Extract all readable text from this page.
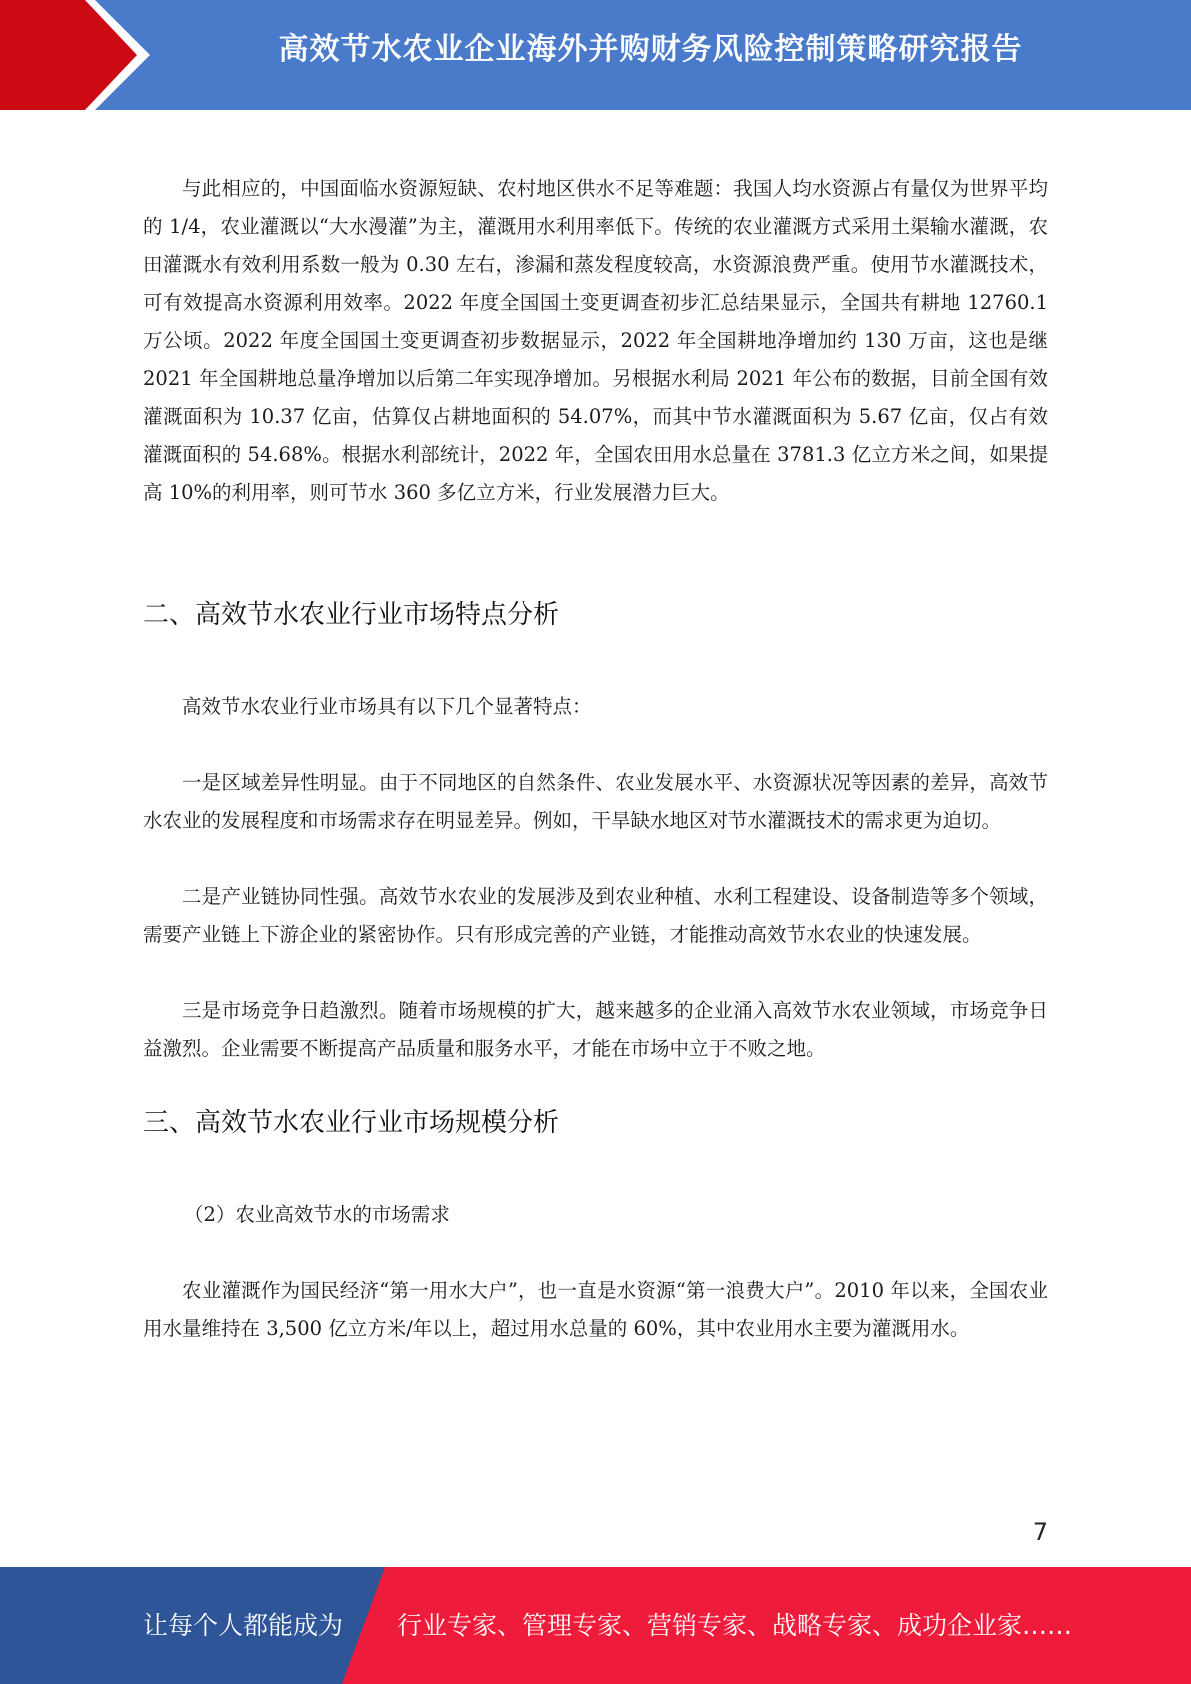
高效节水农业企业海外并购财务风险控制策略研究报告

与此相应的，中国面临水资源短缺、农村地区供水不足等难题：我国人均水资源占有量仅为世界平均的 1/4，农业灌溉以“大水漫灌”为主，灌溉用水利用率低下。传统的农业灌溉方式采用土渠输水灌溉，农田灌溉水有效利用系数一般为 0.30 左右，渗漏和蒸发程度较高，水资源浪费严重。使用节水灌溉技术，可有效提高水资源利用效率。2022 年度全国国土变更调查初步汇总结果显示，全国共有耕地 12760.1 万公顷。2022 年度全国国土变更调查初步数据显示，2022 年全国耕地净增加约 130 万亩，这也是继 2021 年全国耕地总量净增加以后第二年实现净增加。另根据水利局 2021 年公布的数据，目前全国有效灌溉面积为 10.37 亿亩，估算仅占耕地面积的 54.07%，而其中节水灌溉面积为 5.67 亿亩，仅占有效灌溉面积的 54.68%。根据水利部统计，2022 年，全国农田用水总量在 3781.3 亿立方米之间，如果提高 10%的利用率，则可节水 360 多亿立方米，行业发展潜力巨大。

二、高效节水农业行业市场特点分析

高效节水农业行业市场具有以下几个显著特点：

一是区域差异性明显。由于不同地区的自然条件、农业发展水平、水资源状况等因素的差异，高效节水农业的发展程度和市场需求存在明显差异。例如，干旱缺水地区对节水灌溉技术的需求更为迫切。

二是产业链协同性强。高效节水农业的发展涉及到农业种植、水利工程建设、设备制造等多个领域，需要产业链上下游企业的紧密协作。只有形成完善的产业链，才能推动高效节水农业的快速发展。

三是市场竞争日趋激烈。随着市场规模的扩大，越来越多的企业涌入高效节水农业领域，市场竞争日益激烈。企业需要不断提高产品质量和服务水平，才能在市场中立于不败之地。

三、高效节水农业行业市场规模分析

（2）农业高效节水的市场需求

农业灌溉作为国民经济“第一用水大户”，也一直是水资源“第一浪费大户”。2010 年以来，全国农业用水量维持在 3,500 亿立方米/年以上，超过用水总量的 60%，其中农业用水主要为灌溉用水。

7
让每个人都能成为 行业专家、管理专家、营销专家、战略专家、成功企业家……
